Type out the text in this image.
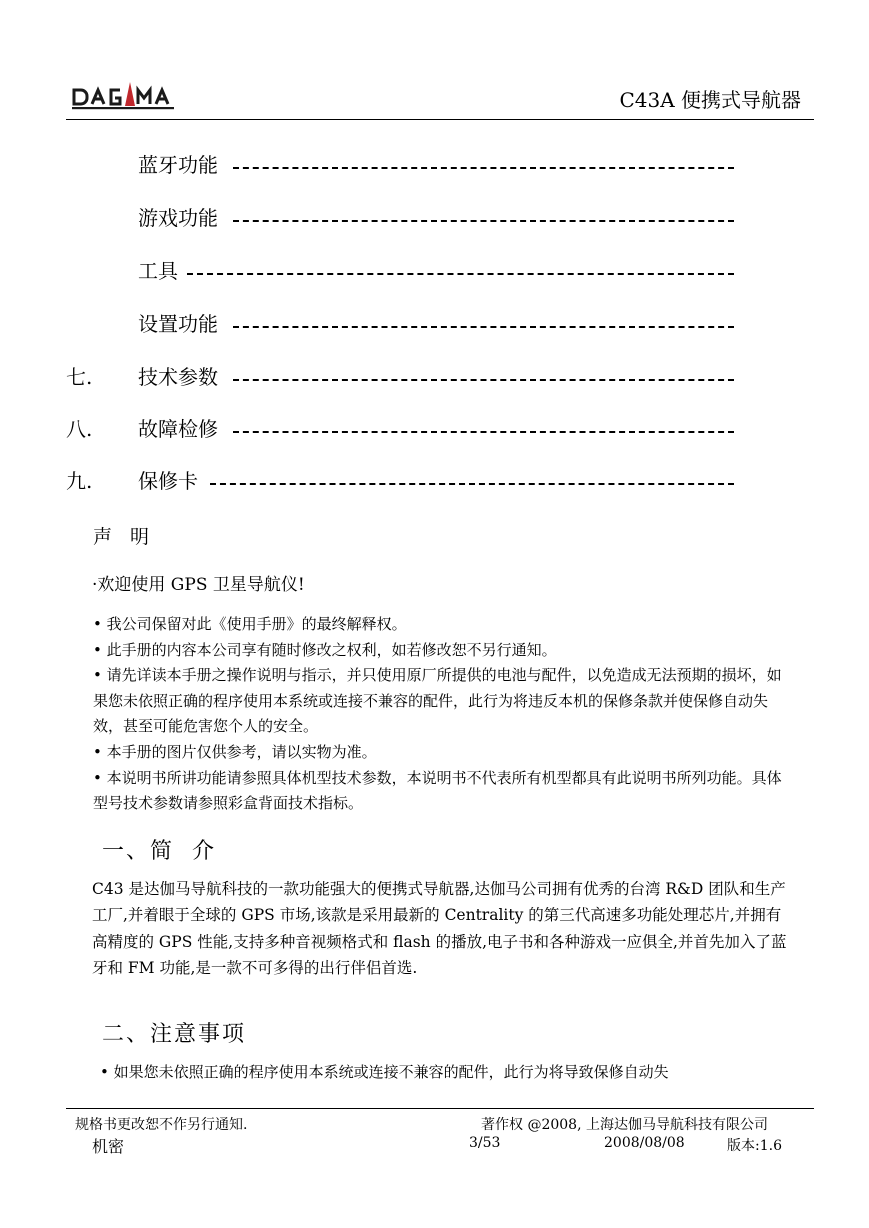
C43A 便携式导航器
蓝牙功能
游戏功能
工具
设置功能
七. 技术参数
八. 故障检修
九. 保修卡
声明
·欢迎使用 GPS 卫星导航仪!

• 我公司保留对此《使用手册》的最终解释权。

• 此手册的内容本公司享有随时修改之权利，如若修改恕不另行通知。

• 请先详读本手册之操作说明与指示，并只使用原厂所提供的电池与配件，以免造成无法预期的损坏，如果您未依照正确的程序使用本系统或连接不兼容的配件，此行为将违反本机的保修条款并使保修自动失效，甚至可能危害您个人的安全。

• 本手册的图片仅供参考，请以实物为准。

• 本说明书所讲功能请参照具体机型技术参数，本说明书不代表所有机型都具有此说明书所列功能。具体型号技术参数请参照彩盒背面技术指标。

一、简  介

C43 是达伽马导航科技的一款功能强大的便携式导航器,达伽马公司拥有优秀的台湾 R&D 团队和生产工厂,并着眼于全球的 GPS 市场,该款是采用最新的 Centrality 的第三代高速多功能处理芯片,并拥有高精度的 GPS 性能,支持多种音视频格式和 flash 的播放,电子书和各种游戏一应俱全,并首先加入了蓝牙和 FM 功能,是一款不可多得的出行伴侣首选.

二、注意事项
• 如果您未依照正确的程序使用本系统或连接不兼容的配件，此行为将导致保修自动失
规格书更改恕不作另行通知.	著作权 @2008, 上海达伽马导航科技有限公司
机密	3/53	2008/08/08	版本:1.6
